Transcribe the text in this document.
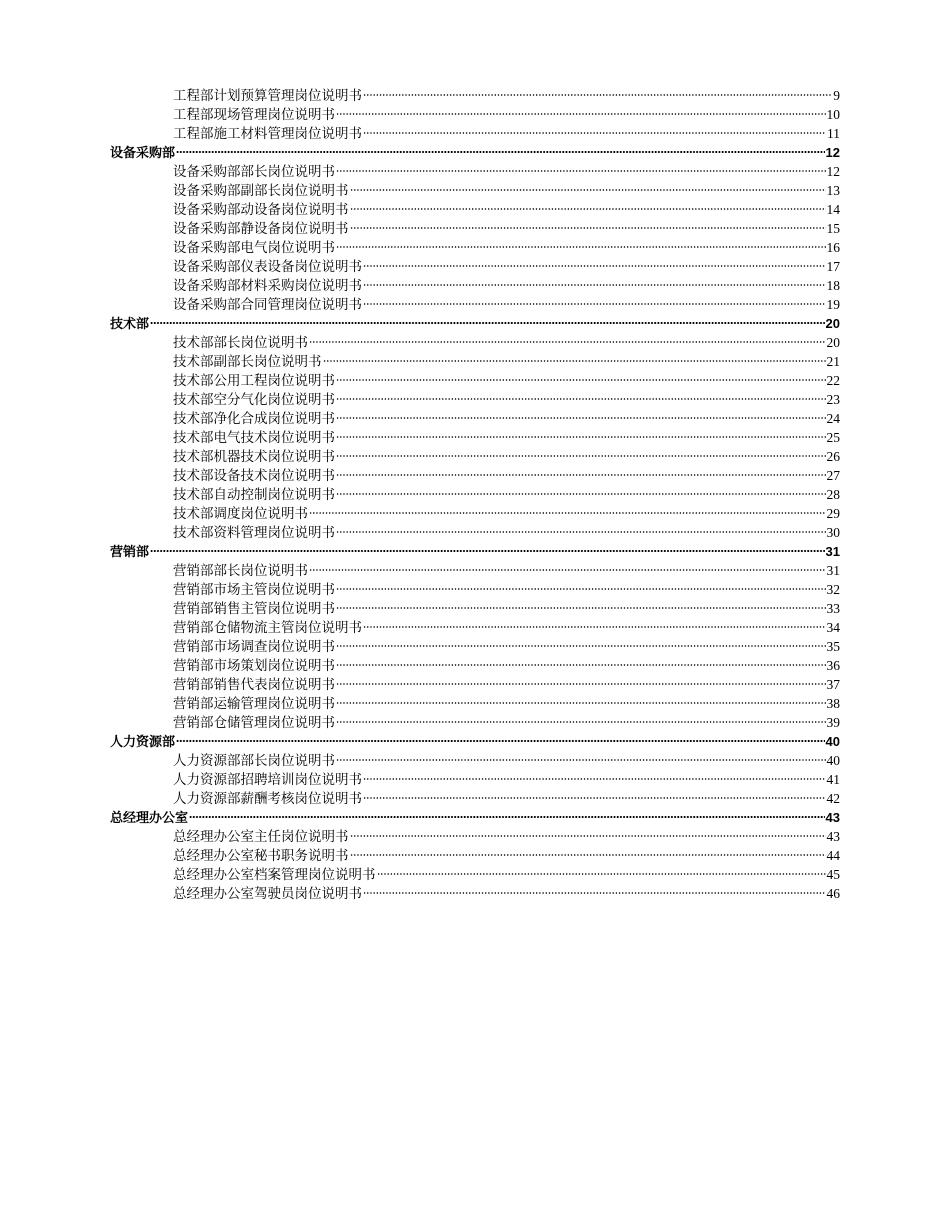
工程部计划预算管理岗位说明书	9
工程部现场管理岗位说明书	10
工程部施工材料管理岗位说明书	11
设备采购部	12
设备采购部部长岗位说明书	12
设备采购部副部长岗位说明书	13
设备采购部动设备岗位说明书	14
设备采购部静设备岗位说明书	15
设备采购部电气岗位说明书	16
设备采购部仪表设备岗位说明书	17
设备采购部材料采购岗位说明书	18
设备采购部合同管理岗位说明书	19
技术部	20
技术部部长岗位说明书	20
技术部副部长岗位说明书	21
技术部公用工程岗位说明书	22
技术部空分气化岗位说明书	23
技术部净化合成岗位说明书	24
技术部电气技术岗位说明书	25
技术部机器技术岗位说明书	26
技术部设备技术岗位说明书	27
技术部自动控制岗位说明书	28
技术部调度岗位说明书	29
技术部资料管理岗位说明书	30
营销部	31
营销部部长岗位说明书	31
营销部市场主管岗位说明书	32
营销部销售主管岗位说明书	33
营销部仓储物流主管岗位说明书	34
营销部市场调查岗位说明书	35
营销部市场策划岗位说明书	36
营销部销售代表岗位说明书	37
营销部运输管理岗位说明书	38
营销部仓储管理岗位说明书	39
人力资源部	40
人力资源部部长岗位说明书	40
人力资源部招聘培训岗位说明书	41
人力资源部薪酬考核岗位说明书	42
总经理办公室	43
总经理办公室主任岗位说明书	43
总经理办公室秘书职务说明书	44
总经理办公室档案管理岗位说明书	45
总经理办公室驾驶员岗位说明书	46
